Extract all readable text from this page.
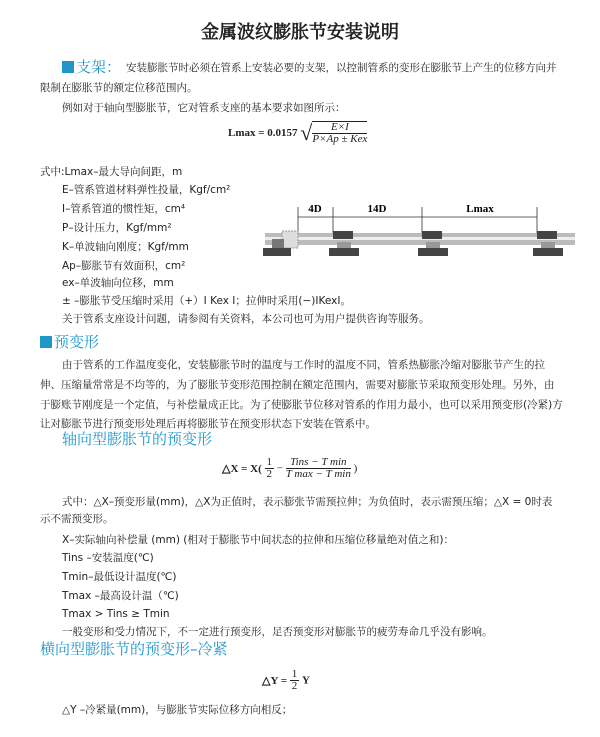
金属波纹膨胀节安装说明
支架： 安装膨胀节时必须在管系上安装必要的支架，以控制管系的变形在膨胀节上产生的位移方向并
限制在膨胀节的额定位移范围内。
例如对于轴向型膨胀节，它对管系支座的基本要求如图所示：
Lmax = 0.0157 √ $\frac{E\times I}{\text{P×Ap ± Kex}}$
式中:Lmax–最大导向间距，m
E–管系管道材料弹性投量，Kgf/cm²
I–管系管道的惯性矩，cm⁴
P–设计压力，Kgf/mm²
K–单波轴向刚度；Kgf/mm
Ap–膨胀节有效面积，cm²
ex–单波轴向位移，mm
± –膨胀节受压缩时采用（+）I Kex I；拉伸时采用(−)IKexI。
关于管系支座设计问题，请参阅有关资料，本公司也可为用户提供咨询等服务。
4D	14D	Lmax
预变形
由于管系的工作温度变化，安装膨胀节时的温度与工作时的温度不同，管系热膨胀冷缩对膨胀节产生的拉
伸、压缩量常常是不均等的，为了膨胀节变形范围控制在额定范围内，需要对膨胀节采取预变形处理。另外，由
于膨账节刚度是一个定值，与补偿量成正比。为了使膨胀节位移对管系的作用力最小，也可以采用预变形(冷紧)方
让对膨胀节进行预变形处理后再将膨胀节在预变形状态下安装在管系中。
轴向型膨胀节的预变形
△X = $X( \frac{1}{2} - \frac{\text{Tins − T min}}{\text{T max − T min}}$ )
式中：△X–预变形量(mm)，△X为正值时，表示膨张节需预拉伸；为负值时，表示需预压缩；△X = 0时表
示不需预变形。
X–实际轴向补偿量 (mm) (相对于膨胀节中间状态的拉伸和压缩位移量绝对值之和)：
Tins –安装温度(℃)
Tmin–最低设计温度(℃)
Tmax –最高设计温（℃)
Tmax > Tins ≥ Tmin
一般变形和受力情况下，不一定进行预变形，足否预变形对膨胀节的疲劳寿命几乎没有影响。
横向型膨胀节的预变形–冷紧
△Y = $\frac{1}{2}$ Y
△Y –冷紧量(mm)，与膨胀节实际位移方向相反；
